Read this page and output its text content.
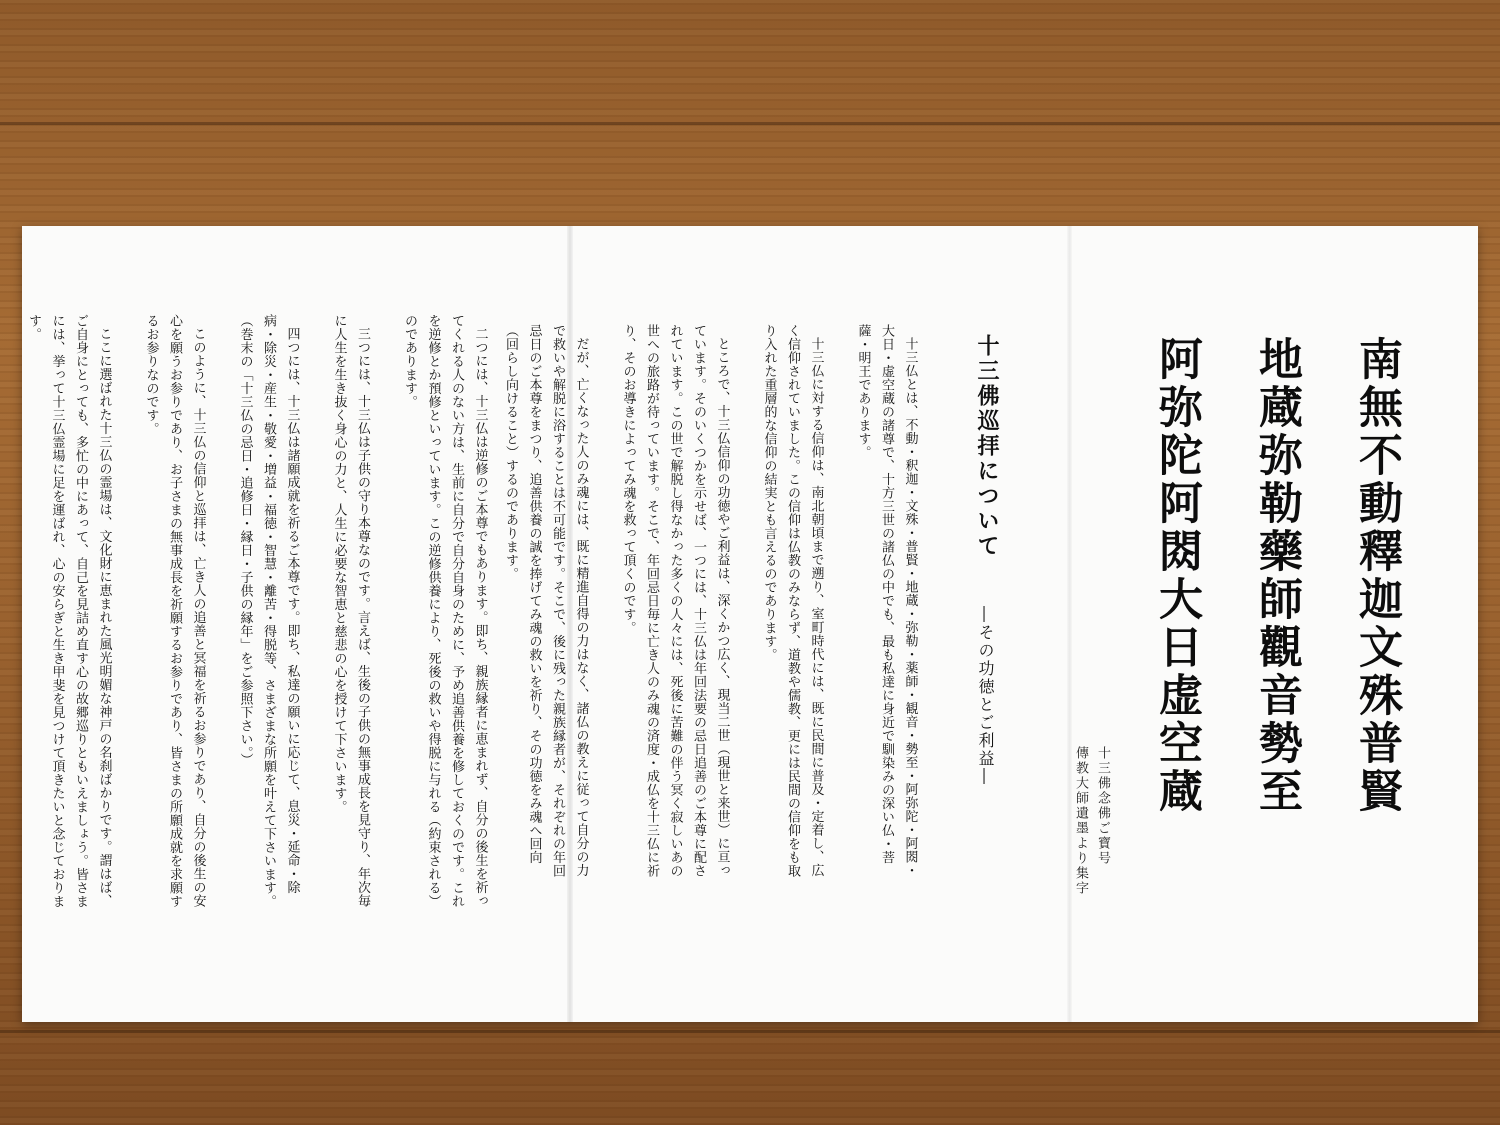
南無不動釋迦文殊普賢
地蔵弥勒藥師觀音勢至
阿弥陀阿閦大日虚空蔵
十三佛念佛ご寶号
傳教大師遺墨より集字
十三佛巡拝について
―その功徳とご利益―

十三仏とは、不動・釈迦・文殊・普賢・地蔵・弥勒・薬師・観音・勢至・阿弥陀・阿閦・大日・虚空蔵の諸尊で、十方三世の諸仏の中でも、最も私達に身近で馴染みの深い仏・菩薩・明王であります。

十三仏に対する信仰は、南北朝頃まで遡り、室町時代には、既に民間に普及・定着し、広く信仰されていました。この信仰は仏教のみならず、道教や儒教、更には民間の信仰をも取り入れた重層的な信仰の結実とも言えるのであります。

ところで、十三仏信仰の功徳やご利益は、深くかつ広く、現当二世（現世と来世）に亘っています。そのいくつかを示せば、一つには、十三仏は年回法要の忌日追善のご本尊に配されています。この世で解脱し得なかった多くの人々には、死後に苦難の伴う冥く寂しいあの世への旅路が待っています。そこで、年回忌日毎に亡き人のみ魂の済度・成仏を十三仏に祈り、そのお導きによってみ魂を救って頂くのです。

だが、亡くなった人のみ魂には、既に精進自得の力はなく、諸仏の教えに従って自分の力で救いや解脱に浴することは不可能です。そこで、後に残った親族縁者が、それぞれの年回忌日のご本尊をまつり、追善供養の誠を捧げてみ魂の救いを祈り、その功徳をみ魂へ回向（回らし向けること）するのであります。

二つには、十三仏は逆修のご本尊でもあります。即ち、親族縁者に恵まれず、自分の後生を祈ってくれる人のない方は、生前に自分で自分自身のために、予め追善供養を修しておくのです。これを逆修とか預修といっています。この逆修供養により、死後の救いや得脱に与れる（約束される）のであります。

三つには、十三仏は子供の守り本尊なのです。言えば、生後の子供の無事成長を見守り、年次毎に人生を生き抜く身心の力と、人生に必要な智恵と慈悲の心を授けて下さいます。

四つには、十三仏は諸願成就を祈るご本尊です。即ち、私達の願いに応じて、息災・延命・除病・除災・産生・敬愛・増益・福徳・智慧・離苦・得脱等、さまざまな所願を叶えて下さいます。（巻末の「十三仏の忌日・追修日・縁日・子供の縁年」をご参照下さい。）

このように、十三仏の信仰と巡拝は、亡き人の追善と冥福を祈るお参りであり、自分の後生の安心を願うお参りであり、お子さまの無事成長を祈願するお参りであり、皆さまの所願成就を求願するお参りなのです。

ここに選ばれた十三仏の霊場は、文化財に恵まれた風光明媚な神戸の名刹ばかりです。謂はば、ご自身にとっても、多忙の中にあって、自己を見詰め直す心の故郷巡りともいえましょう。皆さまには、挙って十三仏霊場に足を運ばれ、心の安らぎと生き甲斐を見つけて頂きたいと念じております。
